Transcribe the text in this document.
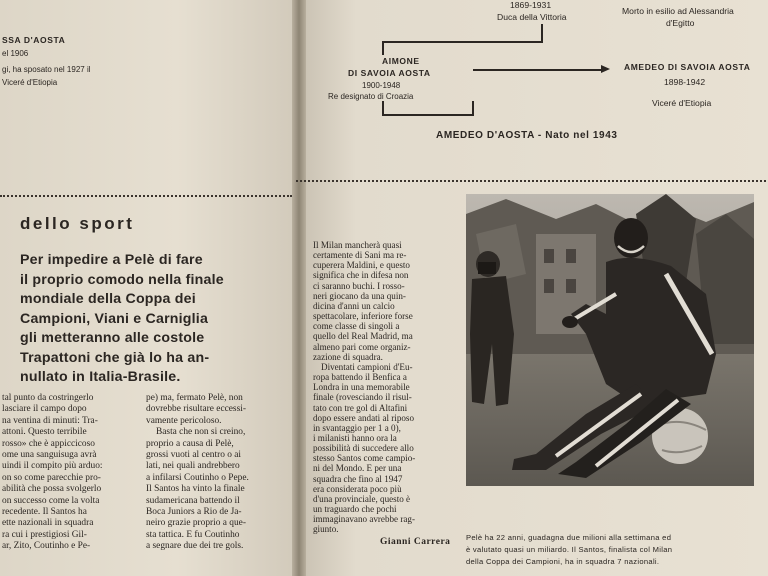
SSA D'AOSTA
el 1906
gi, ha sposato nel 1927 il
Viceré d'Etiopia
1869-1931
Duca della Vittoria
Morto in esilio ad Alessandria
d'Egitto
AIMONE
DI SAVOIA AOSTA
1900-1948
Re designato di Croazia
AMEDEO DI SAVOIA AOSTA
1898-1942
Viceré d'Etiopia
AMEDEO D'AOSTA - Nato nel 1943
dello sport
Per impedire a Pelè di fare
il proprio comodo nella finale
mondiale della Coppa dei
Campioni, Viani e Carniglia
gli metteranno alle costole
Trapattoni che già lo ha an-
nullato in Italia-Brasile.
tal punto da costringerlo
lasciare il campo dopo
na ventina di minuti: Tra-
attoni. Questo terribile
rosso» che è appiccicoso
ome una sanguisuga avrà
uindi il compito più arduo:
on so come parecchie pro-
abilità che possa svolgerlo
on successo come la volta
recedente. Il Santos ha
ette nazionali in squadra
ra cui i prestigiosi Gil-
ar, Zito, Coutinho e Pe-
pe) ma, fermato Pelè, non
dovrebbe risultare eccessi-
vamente pericoloso.
Basta che non si creino,
proprio a causa di Pelè,
grossi vuoti al centro o ai
lati, nei quali andrebbero
a infilarsi Coutinho o Pepe.
Il Santos ha vinto la finale
sudamericana battendo il
Boca Juniors a Rio de Ja-
neiro grazie proprio a que-
sta tattica. E fu Coutinho
a segnare due dei tre gols.
Il Milan mancherà quasi
certamente di Sani ma re-
cuperera Maldini, e questo
significa che in difesa non
ci saranno buchi. I rosso-
neri giocano da una quin-
dicina d'anni un calcio
spettacolare, inferiore forse
come classe di singoli a
quello del Real Madrid, ma
almeno pari come organiz-
zazione di squadra.
Diventati campioni d'Eu-
ropa battendo il Benfica a
Londra in una memorabile
finale (rovesciando il risul-
tato con tre gol di Altafini
dopo essere andati al riposo
in svantaggio per 1 a 0),
i milanisti hanno ora la
possibilità di succedere allo
stesso Santos come campio-
ni del Mondo. E per una
squadra che fino al 1947
era considerata poco più
d'una provinciale, questo è
un traguardo che pochi
immaginavano avrebbe rag-
giunto.
Gianni Carrera Pelè ha 22 anni, guadagna due milioni alla settimana ed
è valutato quasi un miliardo. Il Santos, finalista col Milan
della Coppa dei Campioni, ha in squadra 7 nazionali.
